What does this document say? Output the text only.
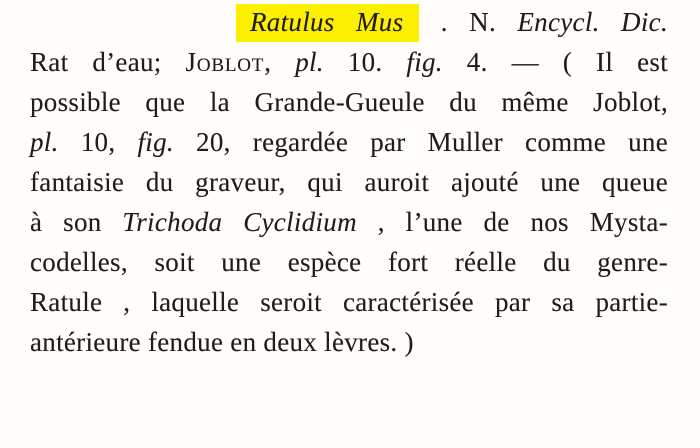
Ratulus Mus . N. Encycl. Dic.
Rat d’eau; Joblot, pl. 10. fig. 4. — ( Il est
possible que la Grande-Gueule du même Joblot,
pl. 10, fig. 20, regardée par Muller comme une
fantaisie du graveur, qui auroit ajouté une queue
à son Trichoda Cyclidium , l’une de nos Mysta-
codelles, soit une espèce fort réelle du genre-
Ratule , laquelle seroit caractérisée par sa partie-
antérieure fendue en deux lèvres. )
